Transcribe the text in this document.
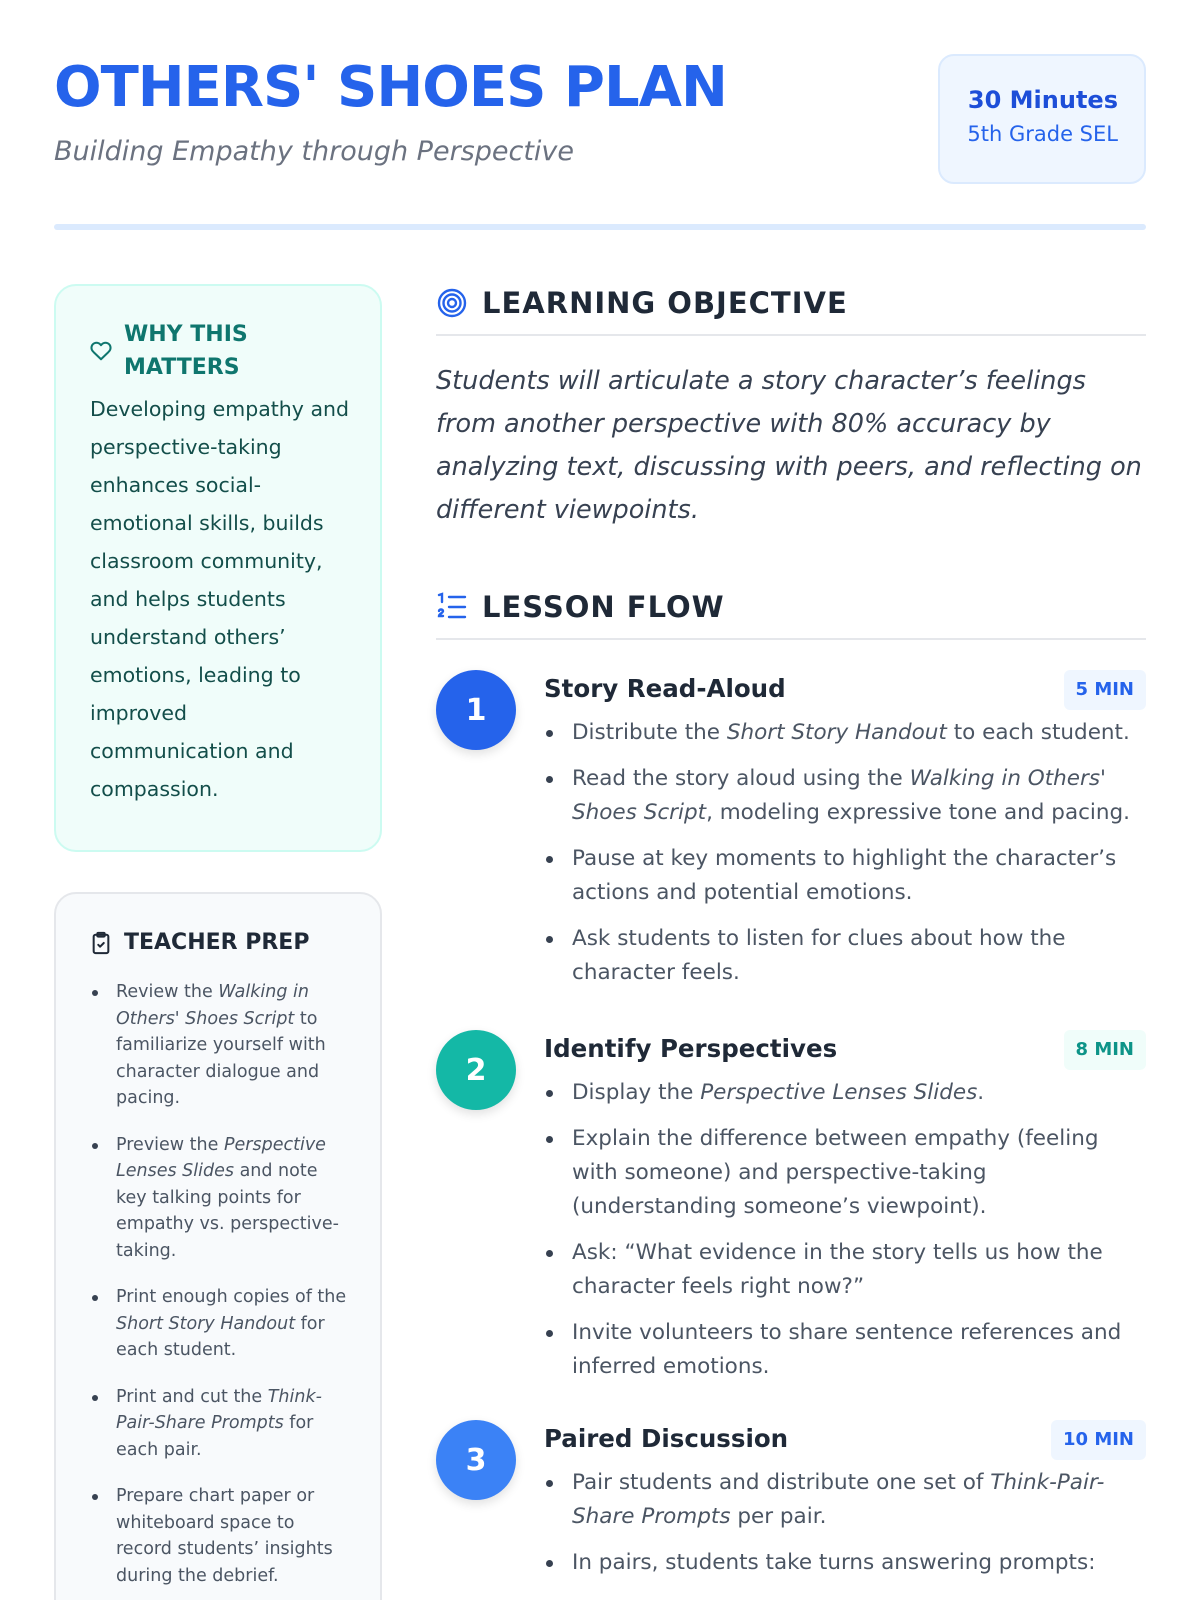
OTHERS' SHOES PLAN
Building Empathy through Perspective
30 Minutes
5th Grade SEL
WHY THIS MATTERS

Developing empathy and perspective-taking enhances social-emotional skills, builds classroom community, and helps students understand others’ emotions, leading to improved communication and compassion.

TEACHER PREP
Review the Walking in Others' Shoes Script to familiarize yourself with character dialogue and pacing.
Preview the Perspective Lenses Slides and note key talking points for empathy vs. perspective-taking.
Print enough copies of the Short Story Handout for each student.
Print and cut the Think-Pair-Share Prompts for each pair.
Prepare chart paper or whiteboard space to record students’ insights during the debrief.
LEARNING OBJECTIVE

Students will articulate a story character’s feelings from another perspective with 80% accuracy by analyzing text, discussing with peers, and reflecting on different viewpoints.

LESSON FLOW
1
Story Read-Aloud	5 MIN
Distribute the Short Story Handout to each student.
Read the story aloud using the Walking in Others' Shoes Script, modeling expressive tone and pacing.
Pause at key moments to highlight the character’s actions and potential emotions.
Ask students to listen for clues about how the character feels.
2
Identify Perspectives	8 MIN
Display the Perspective Lenses Slides.
Explain the difference between empathy (feeling with someone) and perspective-taking (understanding someone’s viewpoint).
Ask: “What evidence in the story tells us how the character feels right now?”
Invite volunteers to share sentence references and inferred emotions.
3
Paired Discussion	10 MIN
Pair students and distribute one set of Think-Pair-Share Prompts per pair.
In pairs, students take turns answering prompts:
